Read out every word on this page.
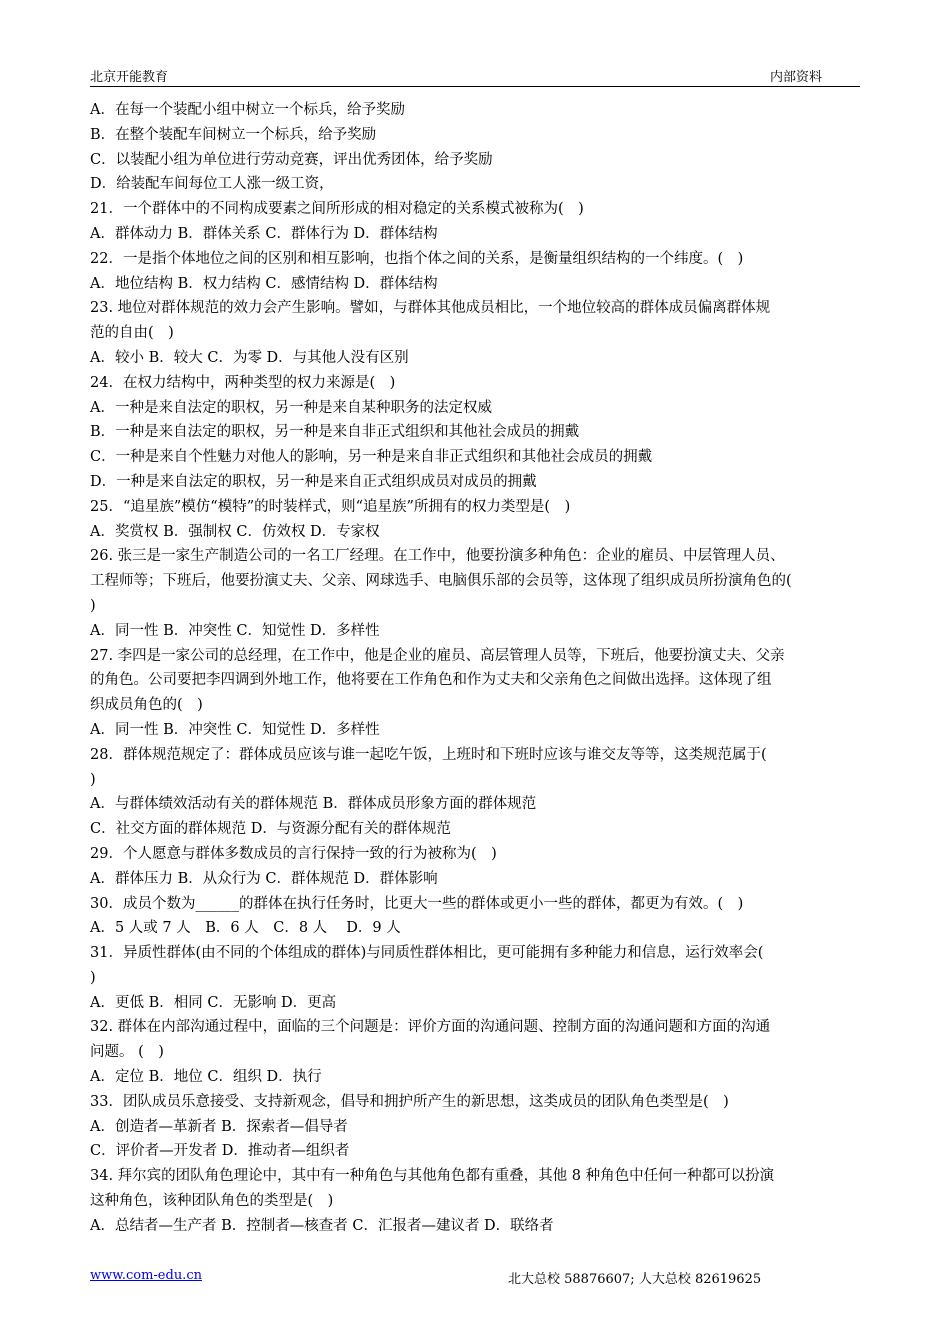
北京开能教育	内部资料
A．在每一个装配小组中树立一个标兵，给予奖励
B．在整个装配车间树立一个标兵，给予奖励
C．以装配小组为单位进行劳动竞赛，评出优秀团体，给予奖励
D．给装配车间每位工人涨一级工资，
21．一个群体中的不同构成要素之间所形成的相对稳定的关系模式被称为(　)
A．群体动力 B．群体关系 C．群体行为 D．群体结构
22．一是指个体地位之间的区别和相互影响，也指个体之间的关系，是衡量组织结构的一个纬度。(　)
A．地位结构 B．权力结构 C．感情结构 D．群体结构
23. 地位对群体规范的效力会产生影响。譬如，与群体其他成员相比，一个地位较高的群体成员偏离群体规
范的自由(　)
A．较小 B．较大 C．为零 D．与其他人没有区别
24．在权力结构中，两种类型的权力来源是(　)
A．一种是来自法定的职权，另一种是来自某种职务的法定权威
B．一种是来自法定的职权，另一种是来自非正式组织和其他社会成员的拥戴
C．一种是来自个性魅力对他人的影响，另一种是来自非正式组织和其他社会成员的拥戴
D．一种是来自法定的职权，另一种是来自正式组织成员对成员的拥戴
25．“追星族”模仿“模特”的时装样式，则“追星族”所拥有的权力类型是(　)
A．奖赏权 B．强制权 C．仿效权 D．专家权
26. 张三是一家生产制造公司的一名工厂经理。在工作中，他要扮演多种角色：企业的雇员、中层管理人员、
工程师等；下班后，他要扮演丈夫、父亲、网球选手、电脑俱乐部的会员等，这体现了组织成员所扮演角色的(
)
A．同一性 B．冲突性 C．知觉性 D．多样性
27. 李四是一家公司的总经理，在工作中，他是企业的雇员、高层管理人员等，下班后，他要扮演丈夫、父亲
的角色。公司要把李四调到外地工作，他将要在工作角色和作为丈夫和父亲角色之间做出选择。这体现了组
织成员角色的(　)
A．同一性 B．冲突性 C．知觉性 D．多样性
28．群体规范规定了：群体成员应该与谁一起吃午饭，上班时和下班时应该与谁交友等等，这类规范属于(
)
A．与群体绩效活动有关的群体规范 B．群体成员形象方面的群体规范
C．社交方面的群体规范 D．与资源分配有关的群体规范
29．个人愿意与群体多数成员的言行保持一致的行为被称为(　)
A．群体压力 B．从众行为 C．群体规范 D．群体影响
30．成员个数为______的群体在执行任务时，比更大一些的群体或更小一些的群体，都更为有效。(　)
A．5 人或 7 人　B．6 人　C．8 人　 D．9 人
31．异质性群体(由不同的个体组成的群体)与同质性群体相比，更可能拥有多种能力和信息，运行效率会(
)
A．更低 B．相同 C．无影响 D．更高
32. 群体在内部沟通过程中，面临的三个问题是：评价方面的沟通问题、控制方面的沟通问题和方面的沟通
问题。 (　)
A．定位 B．地位 C．组织 D．执行
33．团队成员乐意接受、支持新观念，倡导和拥护所产生的新思想，这类成员的团队角色类型是(　)
A．创造者—革新者 B．探索者—倡导者
C．评价者—开发者 D．推动者—组织者
34. 拜尔宾的团队角色理论中，其中有一种角色与其他角色都有重叠，其他 8 种角色中任何一种都可以扮演
这种角色，该种团队角色的类型是(　)
A．总结者—生产者 B．控制者—核查者 C．汇报者—建议者 D．联络者
www.com-edu.cn	北大总校 58876607; 人大总校 82619625
